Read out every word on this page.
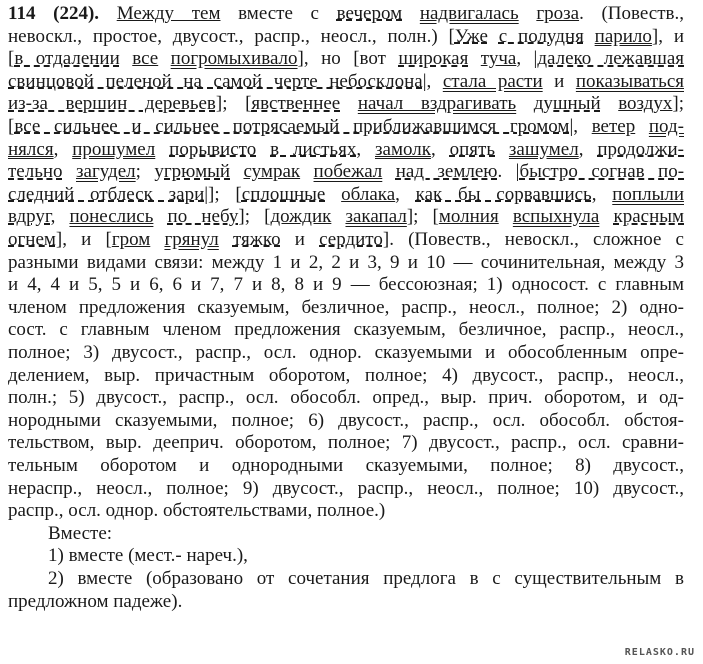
114 (224). Между тем вместе с вечером надвигалась гроза. (Повеств.,
невоскл., простое, двусост., распр., неосл., полн.) [Уже с полудня парило], и
[в отдалении все погромыхивало], но [вот широкая туча, |далеко лежавшая
свинцовой пеленой на самой черте небосклона|, стала расти и показываться
из-за вершин деревьев]; [явственнее начал вздрагивать душный воздух];
[все сильнее и сильнее потрясаемый приближавшимся громом|, ветер под-
нялся, прошумел порывисто в листьях, замолк, опять зашумел, продолжи-
тельно загудел; угрюмый сумрак побежал над землею. |быстро согнав по-
следний отблеск зари|]; [сплошные облака, как бы сорвавшись, поплыли
вдруг, понеслись по небу]; [дождик закапал]; [молния вспыхнула красным
огнем], и [гром грянул тяжко и сердито]. (Повеств., невоскл., сложное с
разными видами связи: между 1 и 2, 2 и 3, 9 и 10 — сочинительная, между 3
и 4, 4 и 5, 5 и 6, 6 и 7, 7 и 8, 8 и 9 — бессоюзная; 1) односост. с главным
членом предложения сказуемым, безличное, распр., неосл., полное; 2) одно-
сост. с главным членом предложения сказуемым, безличное, распр., неосл.,
полное; 3) двусост., распр., осл. однор. сказуемыми и обособленным опре-
делением, выр. причастным оборотом, полное; 4) двусост., распр., неосл.,
полн.; 5) двусост., распр., осл. обособл. опред., выр. прич. оборотом, и од-
нородными сказуемыми, полное; 6) двусост., распр., осл. обособл. обстоя-
тельством, выр. дееприч. оборотом, полное; 7) двусост., распр., осл. сравни-
тельным оборотом и однородными сказуемыми, полное; 8) двусост.,
нераспр., неосл., полное; 9) двусост., распр., неосл., полное; 10) двусост.,
распр., осл. однор. обстоятельствами, полное.)
Вместе:
1) вместе (мест.- нареч.),
2) вместе (образовано от сочетания предлога в с существительным в
предложном падеже).
RELASKO.RU
